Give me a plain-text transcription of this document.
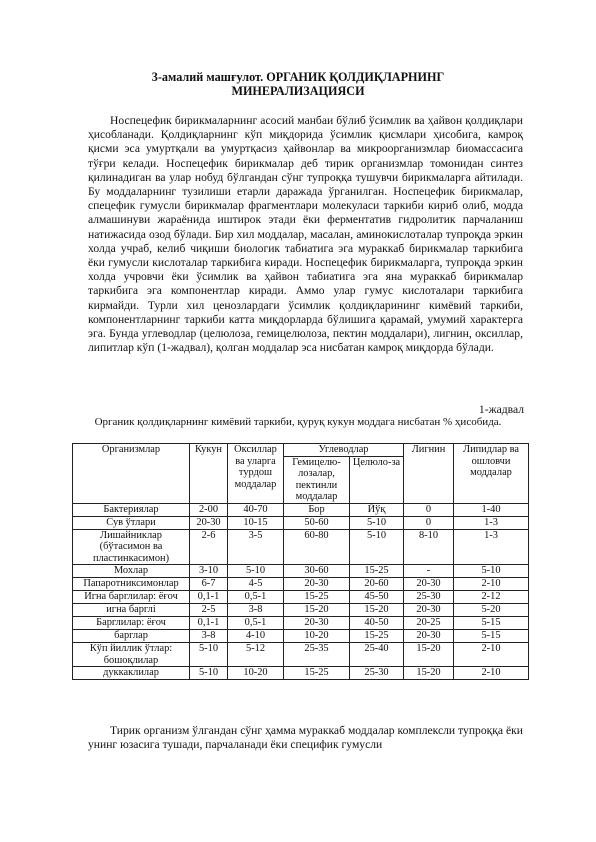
3-амалий машғулот. ОРГАНИК ҚОЛДИҚЛАРНИНГ
МИНЕРАЛИЗАЦИЯСИ

Носпецефик бирикмаларнинг асосий манбаи бўлиб ўсимлик ва ҳайвон қолдиқлари ҳисобланади. Қолдиқларнинг кўп миқдорида ўсимлик қисмлари ҳисобига, камроқ қисми эса умуртқали ва умуртқасиз ҳайвонлар ва микроорганизмлар биомассасига тўғри келади. Носпецефик бирикмалар деб тирик организмлар томонидан синтез қилинадиган ва улар нобуд бўлгандан сўнг тупроққа тушувчи бирикмаларга айтилади. Бу моддаларнинг тузилиши етарли даражада ўрганилган. Носпецефик бирикмалар, спецефик гумусли бирикмалар фрагментлари молекуласи таркиби кириб олиб, модда алмашинуви жараёнида иштирок этади ёки ферментатив гидролитик парчаланиш натижасида озод бўлади. Бир хил моддалар, масалан, аминокислоталар тупроқда эркин холда учраб, келиб чиқиши биологик табиатига эга мураккаб бирикмалар таркибига ёки гумусли кислоталар таркибига киради. Носпецефик бирикмаларга, тупроқда эркин холда учровчи ёки ўсимлик ва ҳайвон табиатига эга яна мураккаб бирикмалар таркибига эга компонентлар киради. Аммо улар гумус кислоталари таркибига кирмайди. Турли хил ценозлардаги ўсимлик қолдиқларининг кимёвий таркиби, компонентларнинг таркиби катта миқдорларда бўлишига қарамай, умумий характерга эга. Бунда углеводлар (целюлоза, гемицелюлоза, пектин моддалари), лигнин, оксиллар, липитлар кўп (1-жадвал), қолган моддалар эса нисбатан камроқ миқдорда бўлади.

1-жадвал
Органик қолдиқларнинг кимёвий таркиби, қуруқ кукун моддага нисбатан % ҳисобида.
Организмлар	Кукун	Оксиллар ва уларга турдош моддалар	Углеводлар		Лигнин	Липидлар ва ошловчи моддалар
			Гемицелю-лозалар, пектинли моддалар	Целюло-за		
Бактериялар	2-00	40-70	Бор	Йўқ	0	1-40
Сув ўтлари	20-30	10-15	50-60	5-10	0	1-3
Лишайниклар (бўтасимон ва пластинкасимон)	2-6	3-5	60-80	5-10	8-10	1-3
Мохлар	3-10	5-10	30-60	15-25	-	5-10
Папаротниксимонлар	6-7	4-5	20-30	20-60	20-30	2-10
Игна барглилар: ёғоч	0,1-1	0,5-1	15-25	45-50	25-30	2-12
игна барглi	2-5	3-8	15-20	15-20	20-30	5-20
Барглилар: ёғоч	0,1-1	0,5-1	20-30	40-50	20-25	5-15
барглар	3-8	4-10	10-20	15-25	20-30	5-15
Кўп йиллик ўтлар: бошоқлилар	5-10	5-12	25-35	25-40	15-20	2-10
дуккаклилар	5-10	10-20	15-25	25-30	15-20	2-10

Тирик организм ўлгандан сўнг ҳамма мураккаб моддалар комплексли тупроққа ёки унинг юзасига тушади, парчаланади ёки специфик гумусли
